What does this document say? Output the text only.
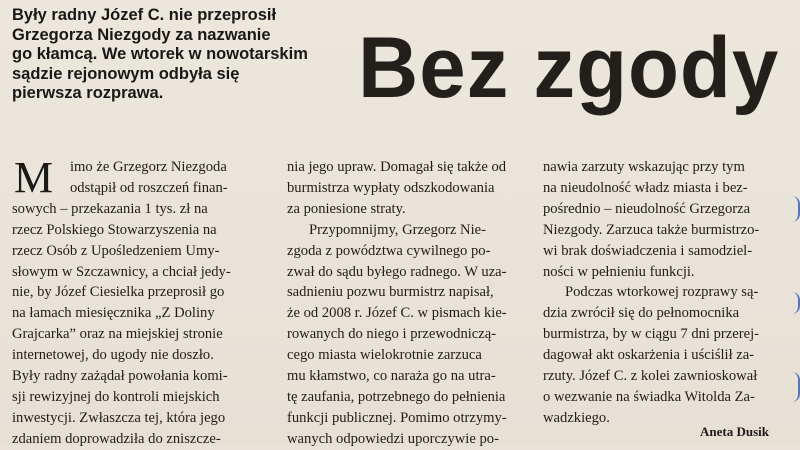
Były radny Józef C. nie przeprosił
Grzegorza Niezgody za nazwanie
go kłamcą. We wtorek w nowotarskim
sądzie rejonowym odbyła się
pierwsza rozprawa.	Bez zgody
M	imo że Grzegorz Niezgoda
odstąpił od roszczeń finan-
sowych – przekazania 1 tys. zł na
rzecz Polskiego Stowarzyszenia na
rzecz Osób z Upośledzeniem Umy-
słowym w Szczawnicy, a chciał jedy-
nie, by Józef Ciesielka przeprosił go
na łamach miesięcznika „Z Doliny
Grajcarka” oraz na miejskiej stronie
internetowej, do ugody nie doszło.
Były radny zażądał powołania komi-
sji rewizyjnej do kontroli miejskich
inwestycji. Zwłaszcza tej, która jego
zdaniem doprowadziła do zniszcze-
nia jego upraw. Domagał się także od
burmistrza wypłaty odszkodowania
za poniesione straty.
Przypomnijmy, Grzegorz Nie-
zgoda z powództwa cywilnego po-
zwał do sądu byłego radnego. W uza-
sadnieniu pozwu burmistrz napisał,
że od 2008 r. Józef C. w pismach kie-
rowanych do niego i przewodniczą-
cego miasta wielokrotnie zarzuca
mu kłamstwo, co naraża go na utra-
tę zaufania, potrzebnego do pełnienia
funkcji publicznej. Pomimo otrzymy-
wanych odpowiedzi uporczywie po-
nawia zarzuty wskazując przy tym
na nieudolność władz miasta i bez-
pośrednio – nieudolność Grzegorza
Niezgody. Zarzuca także burmistrzo-
wi brak doświadczenia i samodziel-
ności w pełnieniu funkcji.
Podczas wtorkowej rozprawy są-
dzia zwrócił się do pełnomocnika
burmistrza, by w ciągu 7 dni przerej-
dagował akt oskarżenia i uściślił za-
rzuty. Józef C. z kolei zawnioskował
o wezwanie na świadka Witolda Za-
wadzkiego.
Aneta Dusik
